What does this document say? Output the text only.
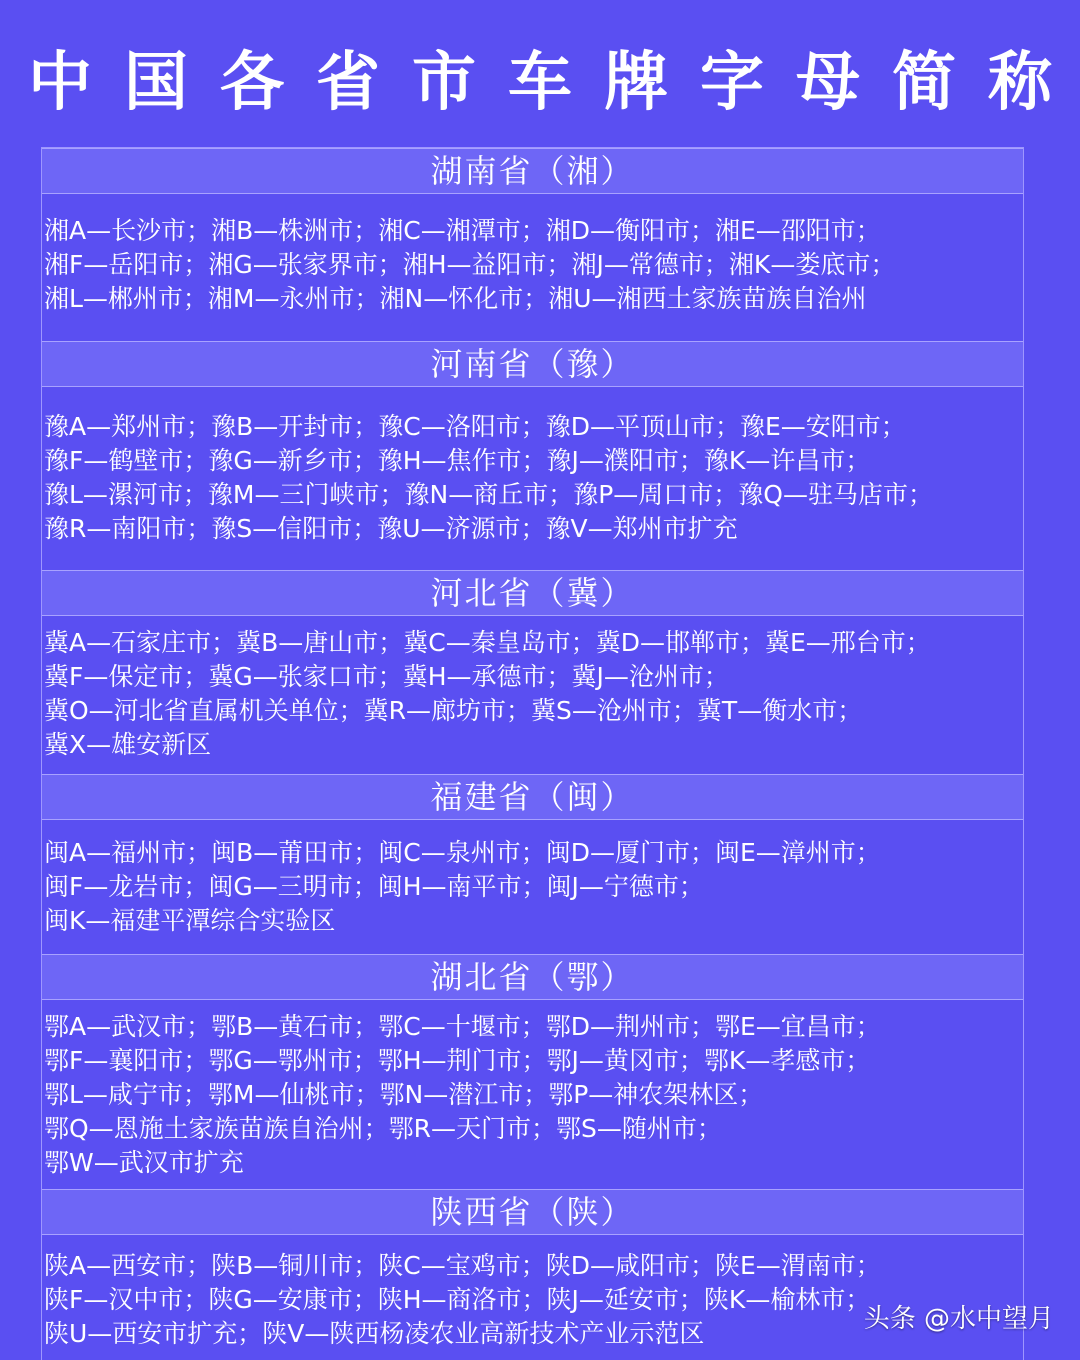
中 国 各 省 市 车 牌 字 母 简 称
湖南省（湘）
湘A—长沙市；湘B—株洲市；湘C—湘潭市；湘D—衡阳市；湘E—邵阳市；
湘F—岳阳市；湘G—张家界市；湘H—益阳市；湘J—常德市；湘K—娄底市；
湘L—郴州市；湘M—永州市；湘N—怀化市；湘U—湘西土家族苗族自治州
河南省（豫）
豫A—郑州市；豫B—开封市；豫C—洛阳市；豫D—平顶山市；豫E—安阳市；
豫F—鹤壁市；豫G—新乡市；豫H—焦作市；豫J—濮阳市；豫K—许昌市；
豫L—漯河市；豫M—三门峡市；豫N—商丘市；豫P—周口市；豫Q—驻马店市；
豫R—南阳市；豫S—信阳市；豫U—济源市；豫V—郑州市扩充
河北省（冀）
冀A—石家庄市；冀B—唐山市；冀C—秦皇岛市；冀D—邯郸市；冀E—邢台市；
冀F—保定市；冀G—张家口市；冀H—承德市；冀J—沧州市；
冀O—河北省直属机关单位；冀R—廊坊市；冀S—沧州市；冀T—衡水市；
冀X—雄安新区
福建省（闽）
闽A—福州市；闽B—莆田市；闽C—泉州市；闽D—厦门市；闽E—漳州市；
闽F—龙岩市；闽G—三明市；闽H—南平市；闽J—宁德市；
闽K—福建平潭综合实验区
湖北省（鄂）
鄂A—武汉市；鄂B—黄石市；鄂C—十堰市；鄂D—荆州市；鄂E—宜昌市；
鄂F—襄阳市；鄂G—鄂州市；鄂H—荆门市；鄂J—黄冈市；鄂K—孝感市；
鄂L—咸宁市；鄂M—仙桃市；鄂N—潜江市；鄂P—神农架林区；
鄂Q—恩施土家族苗族自治州；鄂R—天门市；鄂S—随州市；
鄂W—武汉市扩充
陕西省（陕）
陕A—西安市；陕B—铜川市；陕C—宝鸡市；陕D—咸阳市；陕E—渭南市；
陕F—汉中市；陕G—安康市；陕H—商洛市；陕J—延安市；陕K—榆林市；
陕U—西安市扩充；陕V—陕西杨凌农业高新技术产业示范区	头条 @水中望月
